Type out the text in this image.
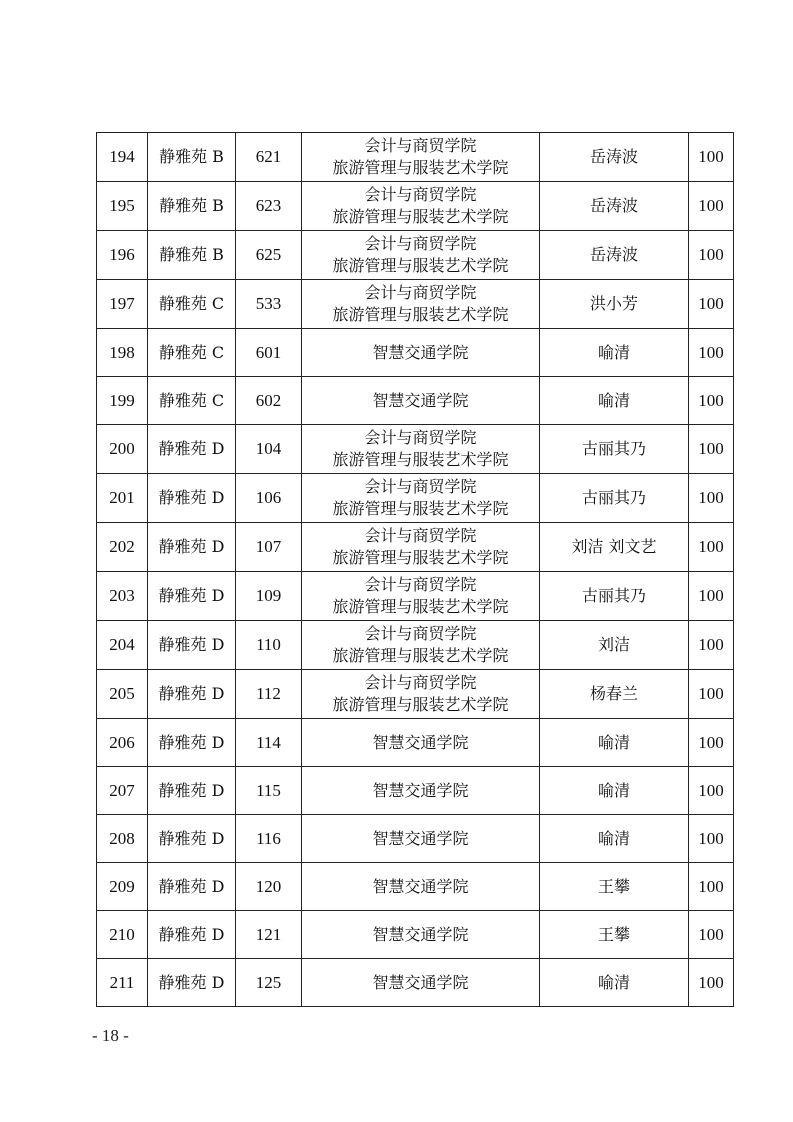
194	静雅苑 B	621	会计与商贸学院
旅游管理与服装艺术学院	岳涛波	100
195	静雅苑 B	623	会计与商贸学院
旅游管理与服装艺术学院	岳涛波	100
196	静雅苑 B	625	会计与商贸学院
旅游管理与服装艺术学院	岳涛波	100
197	静雅苑 C	533	会计与商贸学院
旅游管理与服装艺术学院	洪小芳	100
198	静雅苑 C	601	智慧交通学院	喻清	100
199	静雅苑 C	602	智慧交通学院	喻清	100
200	静雅苑 D	104	会计与商贸学院
旅游管理与服装艺术学院	古丽其乃	100
201	静雅苑 D	106	会计与商贸学院
旅游管理与服装艺术学院	古丽其乃	100
202	静雅苑 D	107	会计与商贸学院
旅游管理与服装艺术学院	刘洁 刘文艺	100
203	静雅苑 D	109	会计与商贸学院
旅游管理与服装艺术学院	古丽其乃	100
204	静雅苑 D	110	会计与商贸学院
旅游管理与服装艺术学院	刘洁	100
205	静雅苑 D	112	会计与商贸学院
旅游管理与服装艺术学院	杨春兰	100
206	静雅苑 D	114	智慧交通学院	喻清	100
207	静雅苑 D	115	智慧交通学院	喻清	100
208	静雅苑 D	116	智慧交通学院	喻清	100
209	静雅苑 D	120	智慧交通学院	王攀	100
210	静雅苑 D	121	智慧交通学院	王攀	100
211	静雅苑 D	125	智慧交通学院	喻清	100
- 18 -
